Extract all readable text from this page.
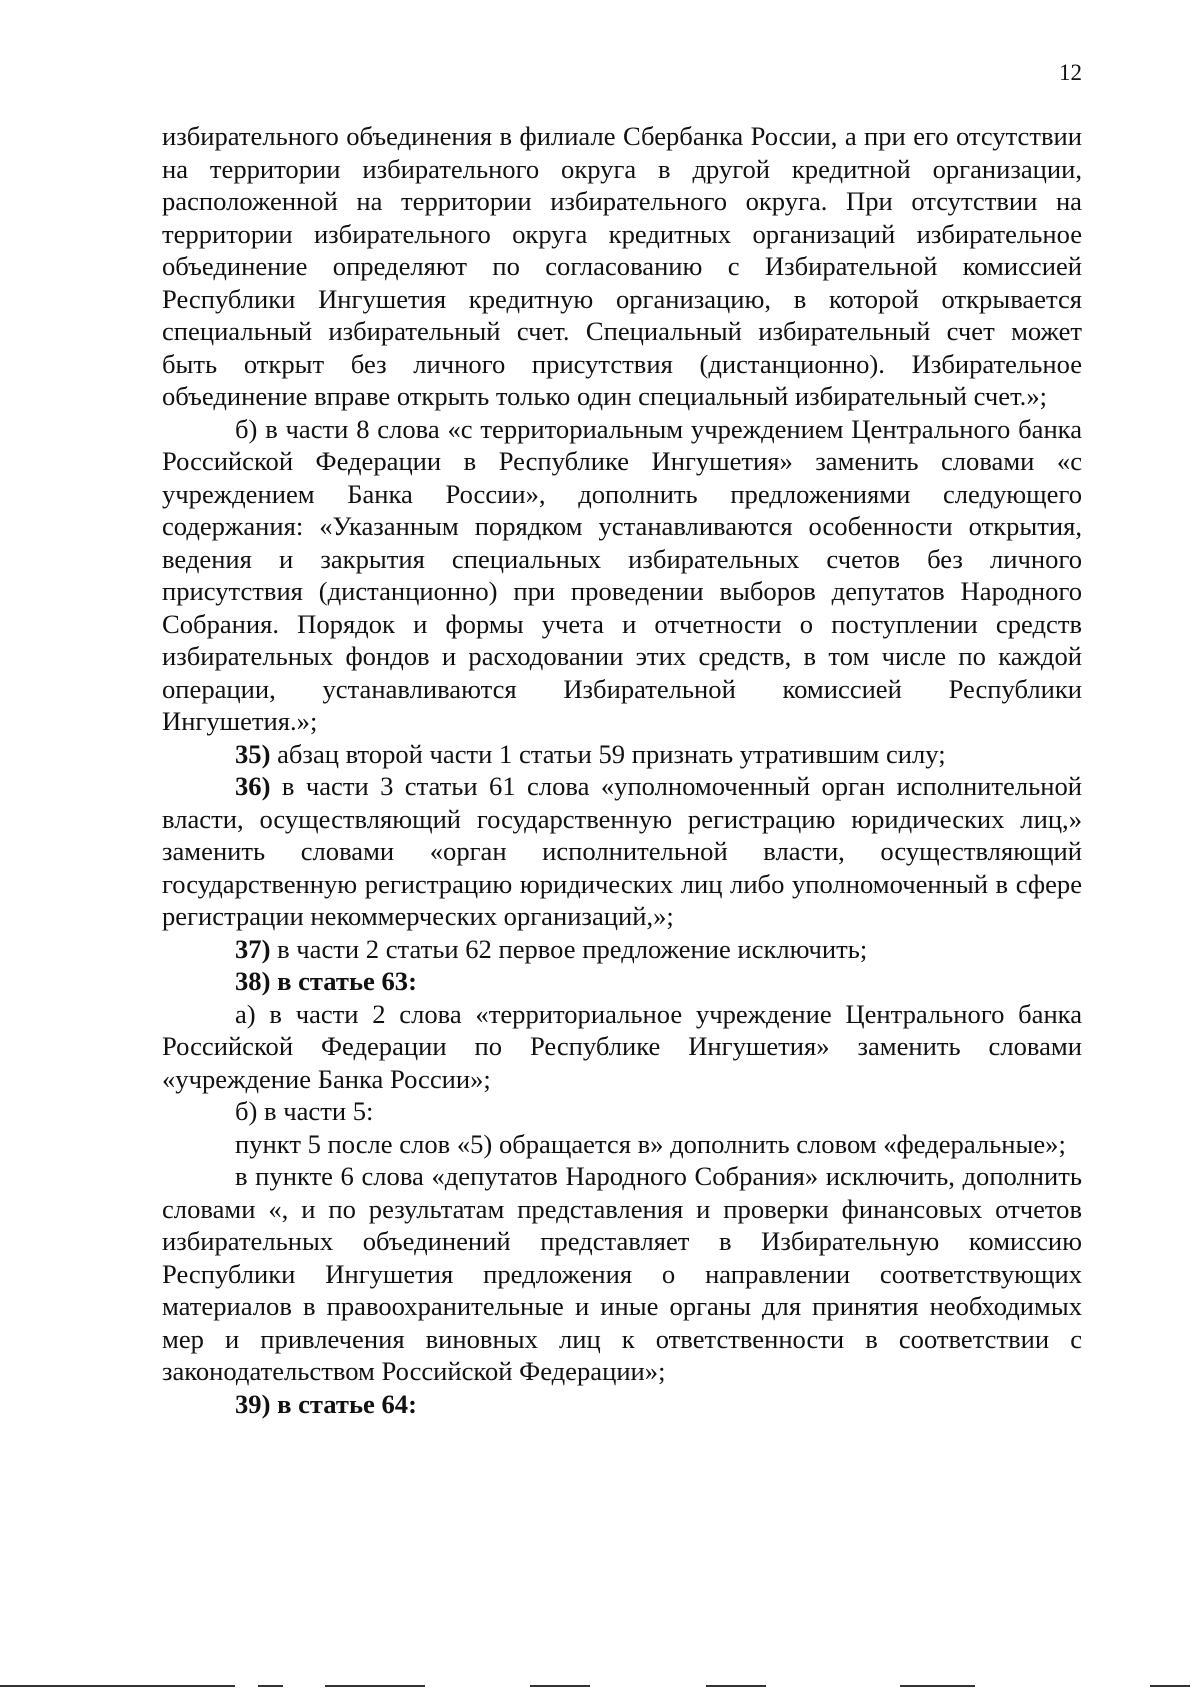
12

избирательного объединения в филиале Сбербанка России, а при его отсутствии на территории избирательного округа в другой кредитной организации, расположенной на территории избирательного округа. При отсутствии на территории избирательного округа кредитных организаций избирательное объединение определяют по согласованию с Избирательной комиссией Республики Ингушетия кредитную организацию, в которой открывается специальный избирательный счет. Специальный избирательный счет может быть открыт без личного присутствия (дистанционно). Избирательное объединение вправе открыть только один специальный избирательный счет.»;

б) в части 8 слова «с территориальным учреждением Центрального банка Российской Федерации в Республике Ингушетия» заменить словами «с учреждением Банка России», дополнить предложениями следующего содержания: «Указанным порядком устанавливаются особенности открытия, ведения и закрытия специальных избирательных счетов без личного присутствия (дистанционно) при проведении выборов депутатов Народного Собрания. Порядок и формы учета и отчетности о поступлении средств избирательных фондов и расходовании этих средств, в том числе по каждой операции, устанавливаются Избирательной комиссией Республики Ингушетия.»;

35) абзац второй части 1 статьи 59 признать утратившим силу;

36) в части 3 статьи 61 слова «уполномоченный орган исполнительной власти, осуществляющий государственную регистрацию юридических лиц,» заменить словами «орган исполнительной власти, осуществляющий государственную регистрацию юридических лиц либо уполномоченный в сфере регистрации некоммерческих организаций,»;

37) в части 2 статьи 62 первое предложение исключить;

38) в статье 63:

а) в части 2 слова «территориальное учреждение Центрального банка Российской Федерации по Республике Ингушетия» заменить словами «учреждение Банка России»;

б) в части 5:

пункт 5 после слов «5) обращается в» дополнить словом «федеральные»;

в пункте 6 слова «депутатов Народного Собрания» исключить, дополнить словами «, и по результатам представления и проверки финансовых отчетов избирательных объединений представляет в Избирательную комиссию Республики Ингушетия предложения о направлении соответствующих материалов в правоохранительные и иные органы для принятия необходимых мер и привлечения виновных лиц к ответственности в соответствии с законодательством Российской Федерации»;

39) в статье 64:
